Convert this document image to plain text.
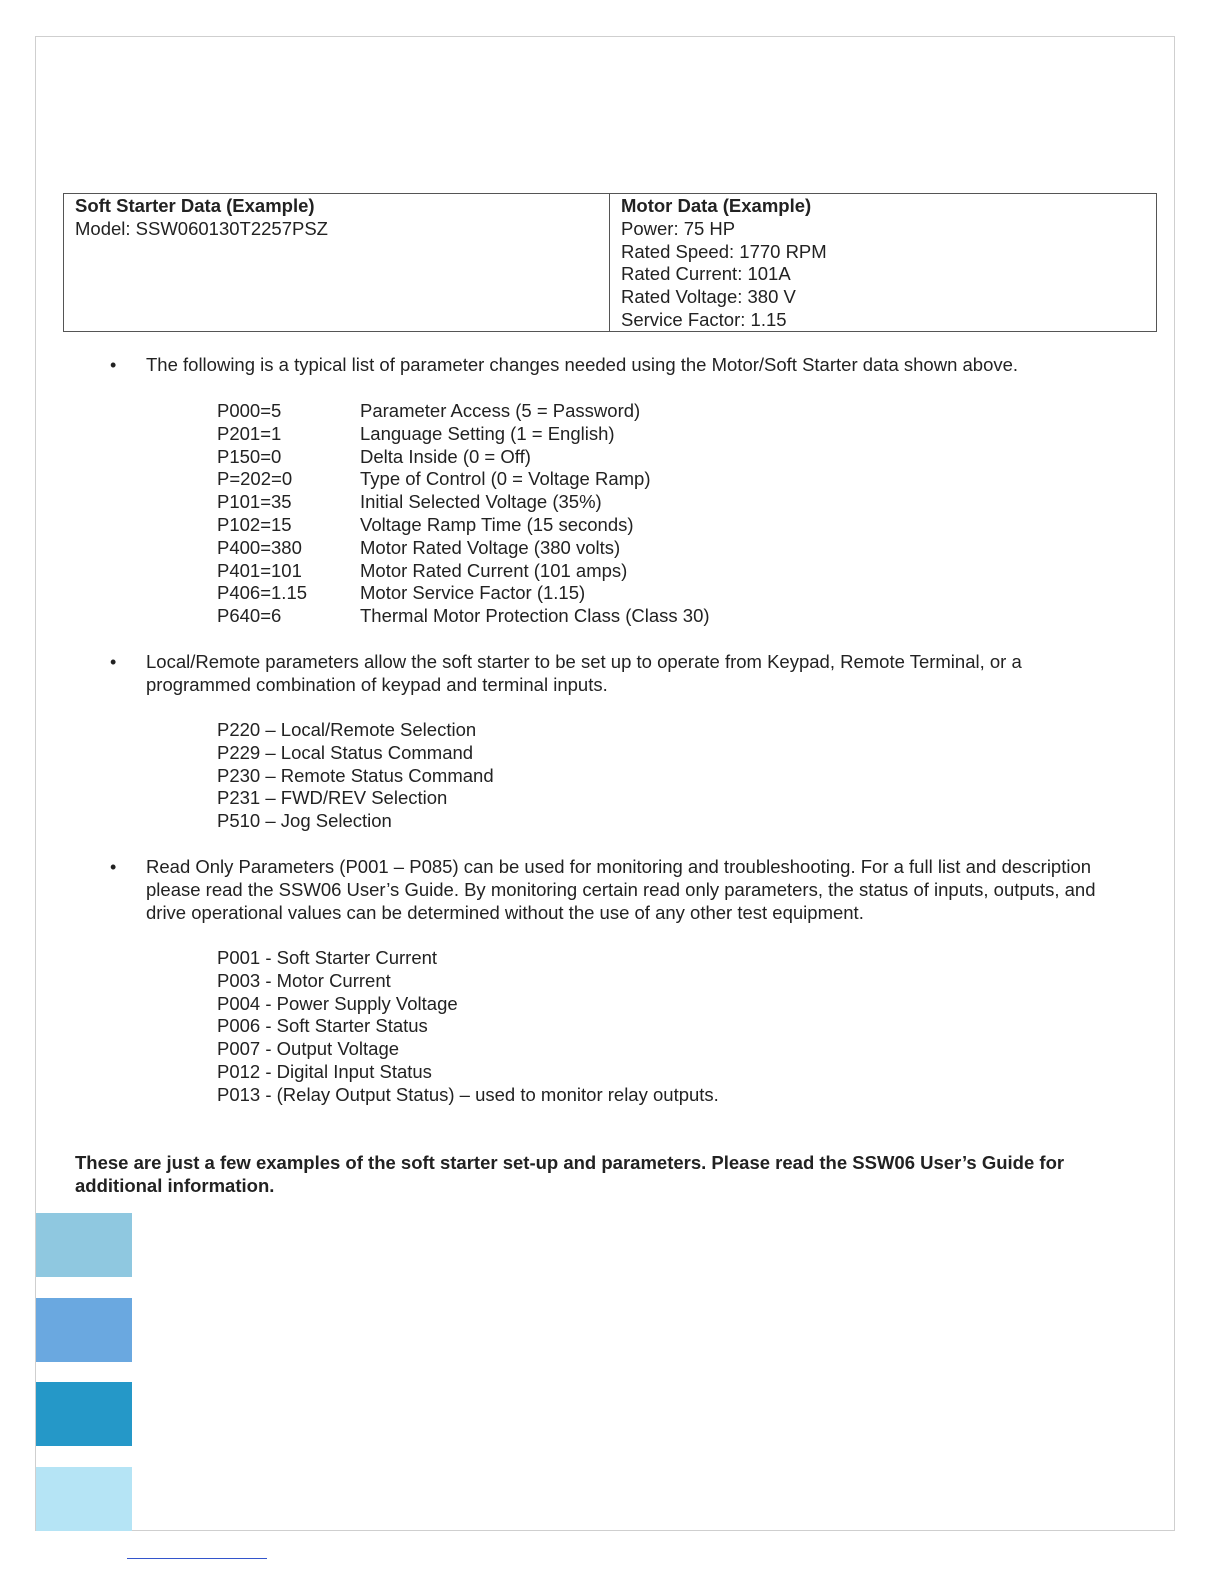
Soft Starter Data (Example)
Model: SSW060130T2257PSZ
Motor Data (Example)
Power: 75 HP
Rated Speed: 1770 RPM
Rated Current: 101A
Rated Voltage: 380 V
Service Factor: 1.15
• The following is a typical list of parameter changes needed using the Motor/Soft Starter data shown above.
P000=5	Parameter Access (5 = Password)
P201=1	Language Setting (1 = English)
P150=0	Delta Inside (0 = Off)
P=202=0	Type of Control (0 = Voltage Ramp)
P101=35	Initial Selected Voltage (35%)
P102=15	Voltage Ramp Time (15 seconds)
P400=380	Motor Rated Voltage (380 volts)
P401=101	Motor Rated Current (101 amps)
P406=1.15	Motor Service Factor (1.15)
P640=6	Thermal Motor Protection Class (Class 30)
• Local/Remote parameters allow the soft starter to be set up to operate from Keypad, Remote Terminal, or a programmed combination of keypad and terminal inputs.
P220 – Local/Remote Selection
P229 – Local Status Command
P230 – Remote Status Command
P231 – FWD/REV Selection
P510 – Jog Selection
• Read Only Parameters (P001 – P085) can be used for monitoring and troubleshooting. For a full list and description please read the SSW06 User’s Guide. By monitoring certain read only parameters, the status of inputs, outputs, and drive operational values can be determined without the use of any other test equipment.
P001 - Soft Starter Current
P003 - Motor Current
P004 - Power Supply Voltage
P006 - Soft Starter Status
P007 - Output Voltage
P012 - Digital Input Status
P013 - (Relay Output Status) – used to monitor relay outputs.
These are just a few examples of the soft starter set-up and parameters. Please read the SSW06 User’s Guide for additional information.
